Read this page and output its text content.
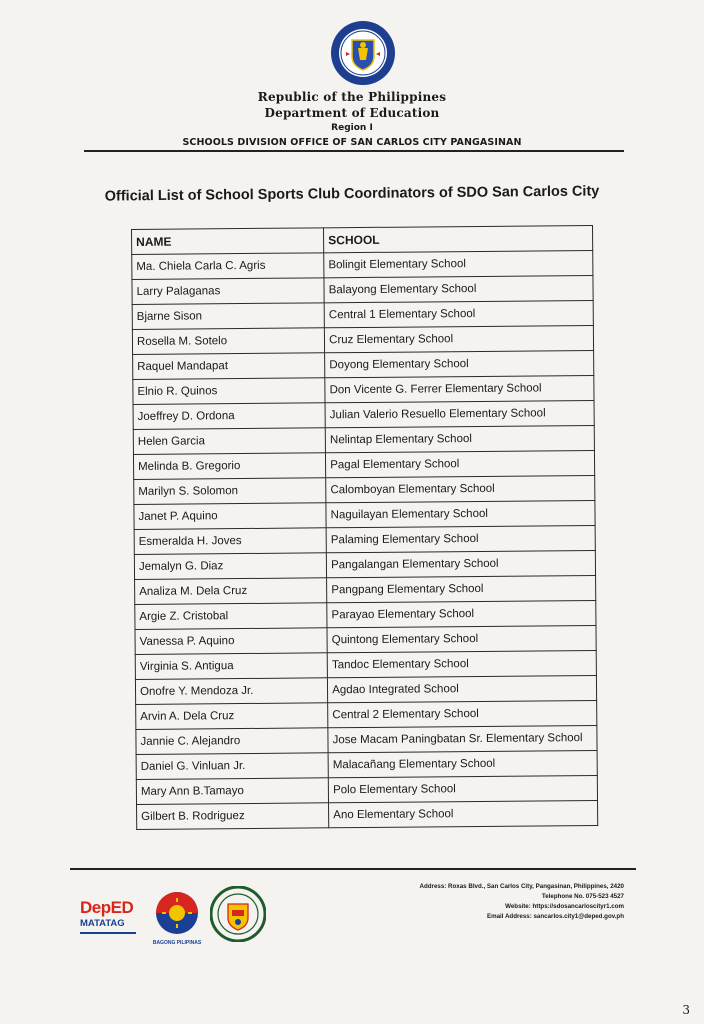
Republic of the Philippines
Department of Education
Region I
SCHOOLS DIVISION OFFICE OF SAN CARLOS CITY PANGASINAN
Official List of School Sports Club Coordinators of SDO San Carlos City
NAME	SCHOOL
Ma. Chiela Carla C. Agris	Bolingit Elementary School
Larry Palaganas	Balayong Elementary School
Bjarne Sison	Central 1 Elementary School
Rosella M. Sotelo	Cruz Elementary School
Raquel Mandapat	Doyong Elementary School
Elnio R. Quinos	Don Vicente G. Ferrer Elementary School
Joeffrey D. Ordona	Julian Valerio Resuello Elementary School
Helen Garcia	Nelintap Elementary School
Melinda B. Gregorio	Pagal Elementary School
Marilyn S. Solomon	Calomboyan Elementary School
Janet P. Aquino	Naguilayan Elementary School
Esmeralda H. Joves	Palaming Elementary School
Jemalyn G. Diaz	Pangalangan Elementary School
Analiza M. Dela Cruz	Pangpang Elementary School
Argie Z. Cristobal	Parayao Elementary School
Vanessa P. Aquino	Quintong Elementary School
Virginia S. Antigua	Tandoc Elementary School
Onofre Y. Mendoza Jr.	Agdao Integrated School
Arvin A. Dela Cruz	Central 2 Elementary School
Jannie C. Alejandro	Jose Macam Paningbatan Sr. Elementary School
Daniel G. Vinluan Jr.	Malacañang Elementary School
Mary Ann B.Tamayo	Polo Elementary School
Gilbert B. Rodriguez	Ano Elementary School
DepED
MATATAG
BAGONG PILIPINAS
Address: Roxas Blvd., San Carlos City, Pangasinan, Philippines, 2420
Telephone No. 075-523 4527
Website: https://sdosancarloscityr1.com
Email Address: sancarlos.city1@deped.gov.ph
3
